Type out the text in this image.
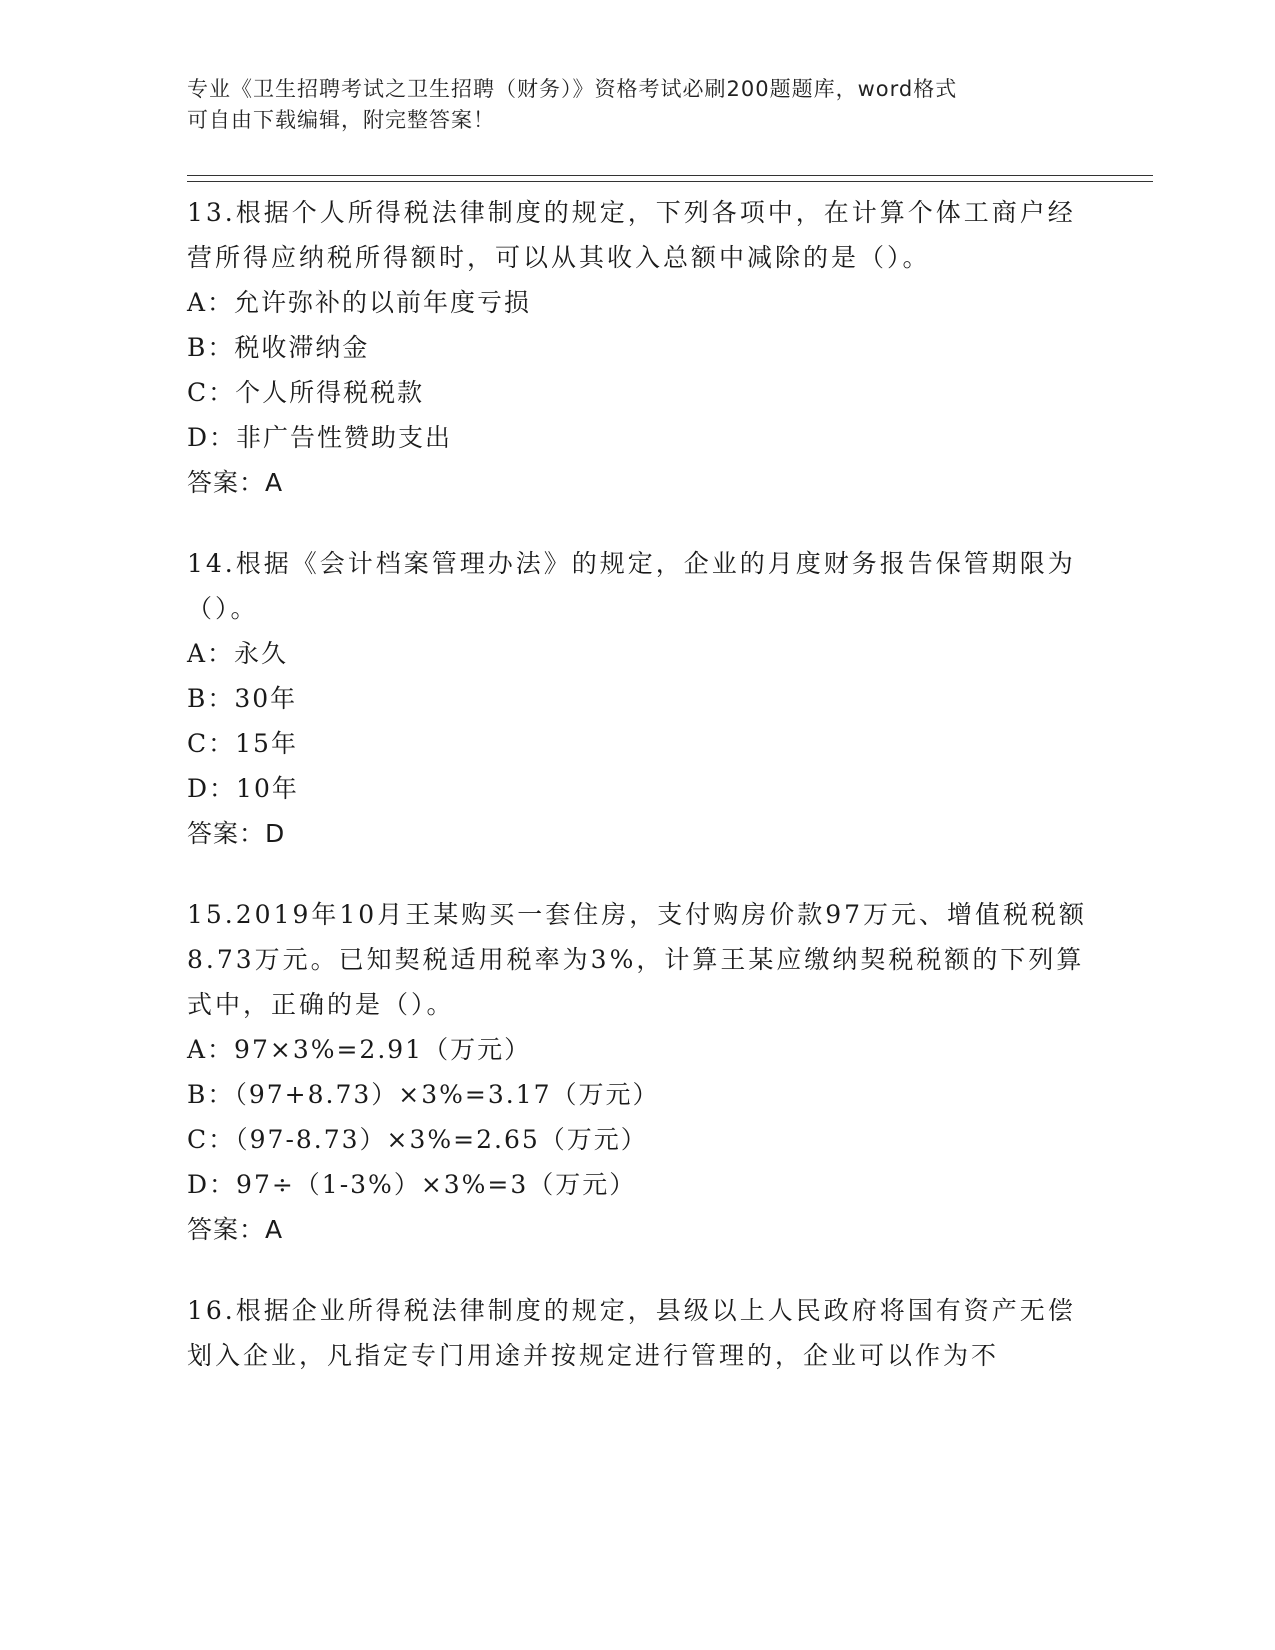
专业《卫生招聘考试之卫生招聘（财务）》资格考试必刷200题题库，word格式
可自由下载编辑，附完整答案！

13.根据个人所得税法律制度的规定，下列各项中，在计算个体工商户经营所得应纳税所得额时，可以从其收入总额中减除的是（）。

A：允许弥补的以前年度亏损
B：税收滞纳金
C：个人所得税税款
D：非广告性赞助支出
答案：A

14.根据《会计档案管理办法》的规定，企业的月度财务报告保管期限为（）。

A：永久
B：30年
C：15年
D：10年
答案：D

15.2019年10月王某购买一套住房，支付购房价款97万元、增值税税额8.73万元。已知契税适用税率为3%，计算王某应缴纳契税税额的下列算式中，正确的是（）。

A：97×3%=2.91（万元）
B：（97+8.73）×3%=3.17（万元）
C：（97-8.73）×3%=2.65（万元）
D：97÷（1-3%）×3%=3（万元）
答案：A

16.根据企业所得税法律制度的规定，县级以上人民政府将国有资产无偿划入企业，凡指定专门用途并按规定进行管理的，企业可以作为不
